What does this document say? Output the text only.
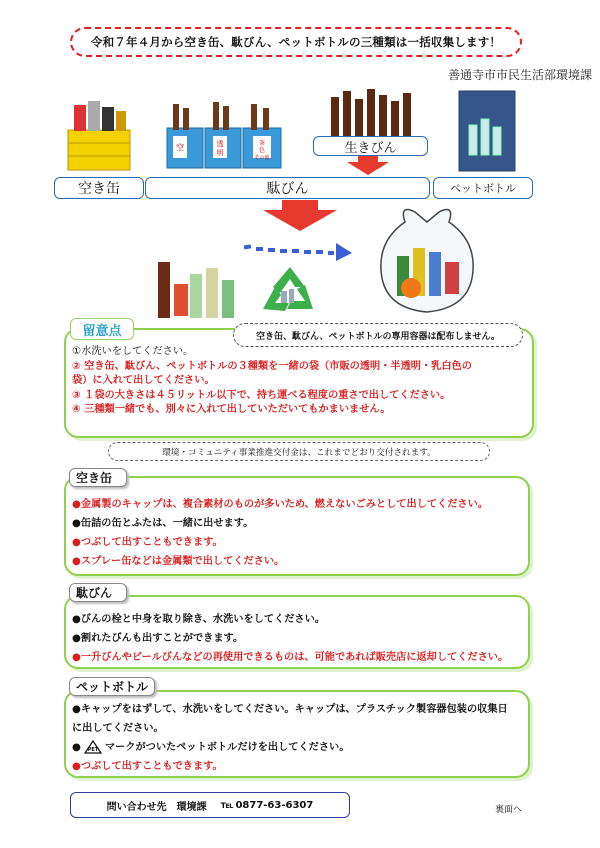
令和７年４月から空き缶、駄びん、ペットボトルの三種類は一括収集します！
善通寺市市民生活部環境課
空	透
明
茶
色
その他
生きびん
空き缶	駄びん	ペットボトル
留意点	空き缶、駄びん、ペットボトルの専用容器は配布しません。
①水洗いをしてください。
② 空き缶、駄びん、ペットボトルの３種類を一緒の袋（市販の透明・半透明・乳白色の
袋）に入れて出してください。
③ １袋の大きさは４５リットル以下で、持ち運べる程度の重さで出してください。
④ 三種類一緒でも、別々に入れて出していただいてもかまいません。
環境・コミュニティ事業推進交付金は、これまでどおり交付されます。
空き缶
●金属製のキャップは、複合素材のものが多いため、燃えないごみとして出してください。
●缶詰の缶とふたは、一緒に出せます。
●つぶして出すこともできます。
●スプレー缶などは金属類で出してください。
駄びん
●びんの栓と中身を取り除き、水洗いをしてください。
●割れたびんも出すことができます。
●一升びんやビールびんなどの再使用できるものは、可能であれば販売店に返却してください。
ペットボトル
●キャップをはずして、水洗いをしてください。キャップは、プラスチック製容器包装の収集日
に出してください。
● PET マークがついたペットボトルだけを出してください。
●つぶして出すこともできます。
問い合わせ先　環境課 ℡ 0877-63-6307	裏面へ
